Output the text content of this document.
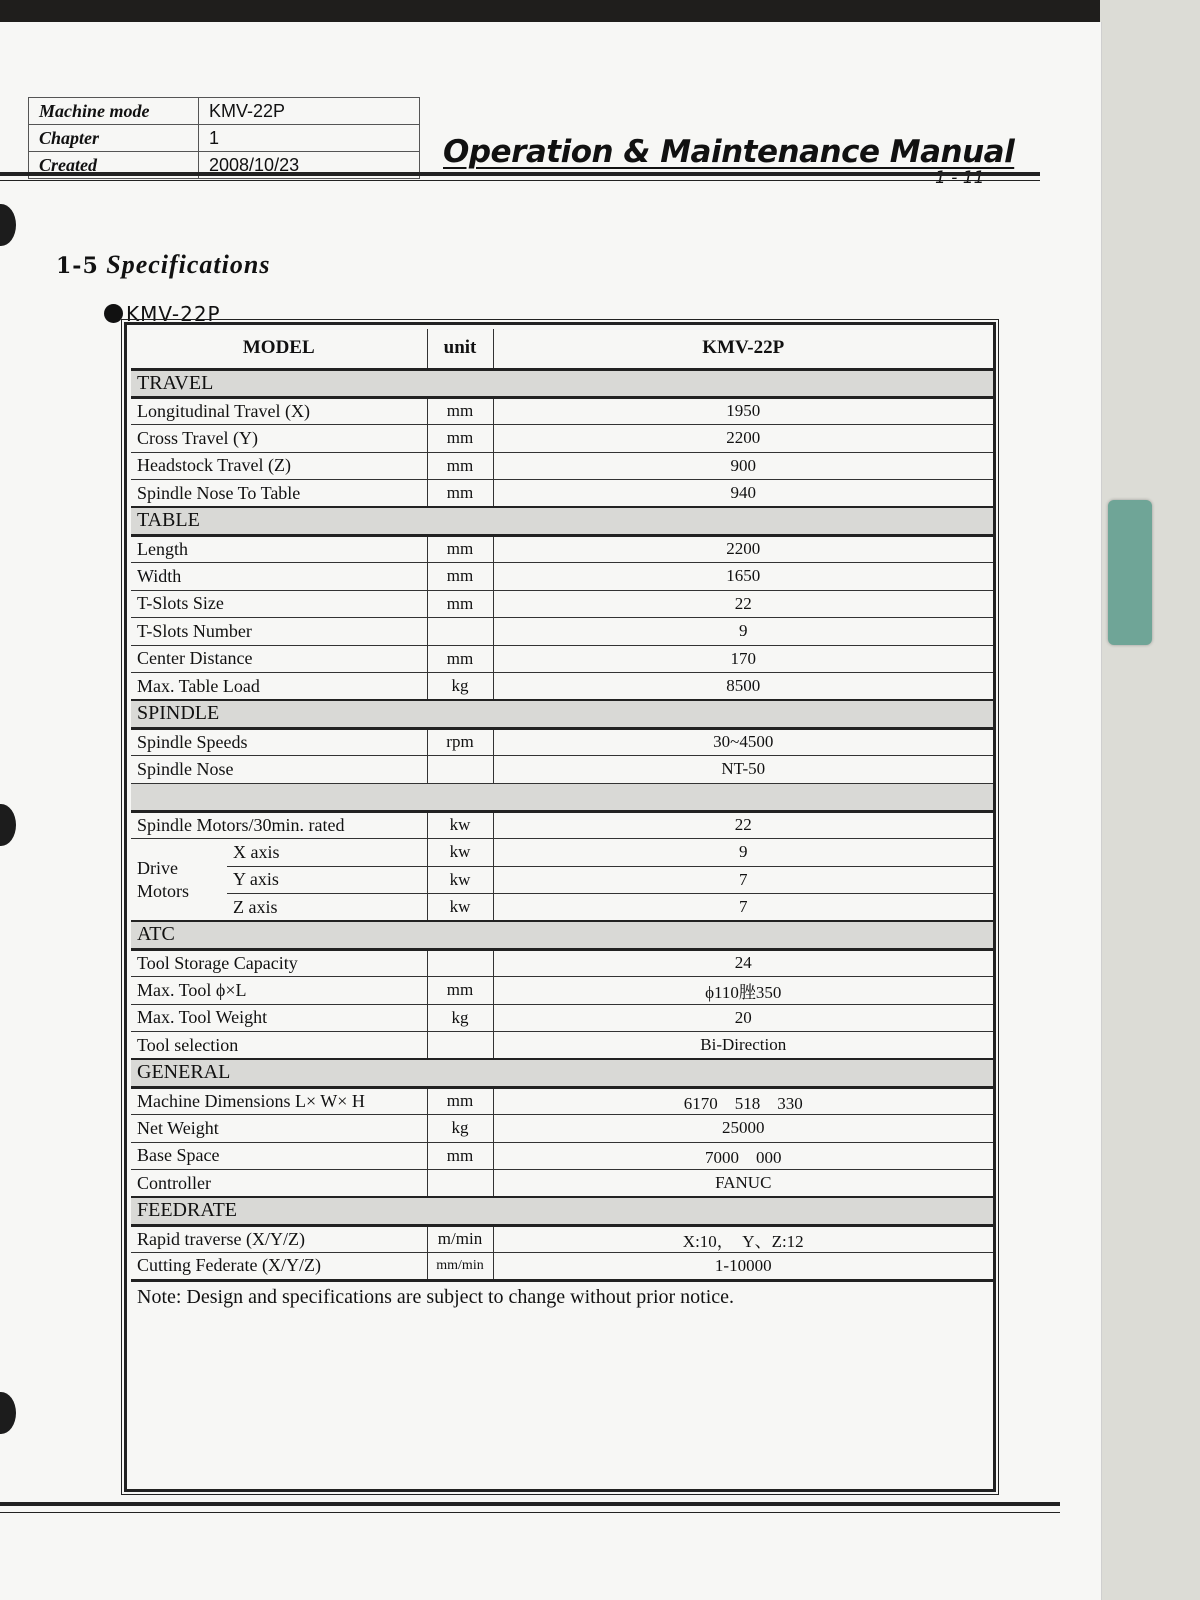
Machine mode	KMV-22P
Chapter	1
Created	2008/10/23	Operation & Maintenance Manual
1 - 11
1-5 Specifications
KMV-22P
MODEL		unit	KMV-22P
TRAVEL			
Longitudinal Travel (X)		mm	1950
Cross Travel (Y)		mm	2200
Headstock Travel (Z)		mm	900
Spindle Nose To Table		mm	940
TABLE			
Length		mm	2200
Width		mm	1650
T-Slots Size		mm	22
T-Slots Number			9
Center Distance		mm	170
Max. Table Load		kg	8500
SPINDLE			
Spindle Speeds		rpm	30~4500
Spindle Nose			NT-50

Spindle Motors/30min. rated		kw	22
Drive
Motors	X axis	kw	9
	Y axis	kw	7
	Z axis	kw	7
ATC			
Tool Storage Capacity			24
Max. Tool ϕ×L		mm	ϕ110脞350
Max. Tool Weight		kg	20
Tool selection			Bi-Direction
GENERAL			
Machine Dimensions L× W× H		mm	6170　518　330
Net Weight		kg	25000
Base Space		mm	7000　000
Controller			FANUC
FEEDRATE			
Rapid traverse (X/Y/Z)		m/min	X:10，　Y、Z:12
Cutting Federate (X/Y/Z)		mm/min	1-10000
Note: Design and specifications are subject to change without prior notice.			
